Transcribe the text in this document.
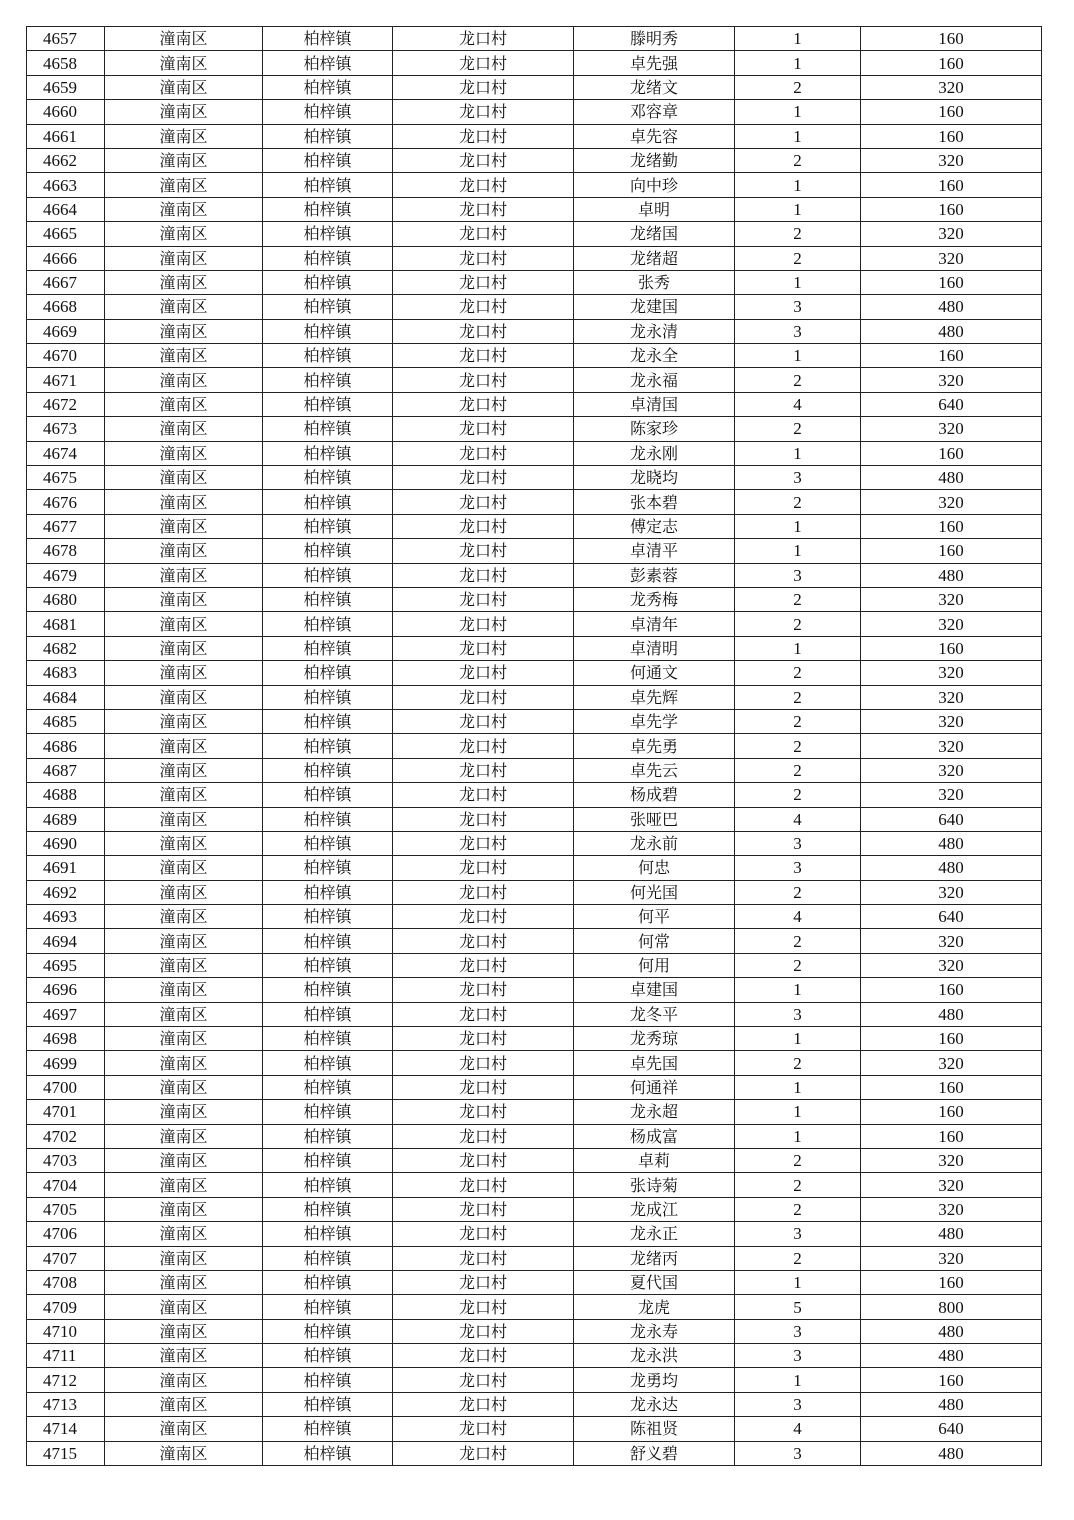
4657	潼南区	柏梓镇	龙口村	滕明秀	1	160
4658	潼南区	柏梓镇	龙口村	卓先强	1	160
4659	潼南区	柏梓镇	龙口村	龙绪文	2	320
4660	潼南区	柏梓镇	龙口村	邓容章	1	160
4661	潼南区	柏梓镇	龙口村	卓先容	1	160
4662	潼南区	柏梓镇	龙口村	龙绪勤	2	320
4663	潼南区	柏梓镇	龙口村	向中珍	1	160
4664	潼南区	柏梓镇	龙口村	卓明	1	160
4665	潼南区	柏梓镇	龙口村	龙绪国	2	320
4666	潼南区	柏梓镇	龙口村	龙绪超	2	320
4667	潼南区	柏梓镇	龙口村	张秀	1	160
4668	潼南区	柏梓镇	龙口村	龙建国	3	480
4669	潼南区	柏梓镇	龙口村	龙永清	3	480
4670	潼南区	柏梓镇	龙口村	龙永全	1	160
4671	潼南区	柏梓镇	龙口村	龙永福	2	320
4672	潼南区	柏梓镇	龙口村	卓清国	4	640
4673	潼南区	柏梓镇	龙口村	陈家珍	2	320
4674	潼南区	柏梓镇	龙口村	龙永刚	1	160
4675	潼南区	柏梓镇	龙口村	龙晓均	3	480
4676	潼南区	柏梓镇	龙口村	张本碧	2	320
4677	潼南区	柏梓镇	龙口村	傅定志	1	160
4678	潼南区	柏梓镇	龙口村	卓清平	1	160
4679	潼南区	柏梓镇	龙口村	彭素蓉	3	480
4680	潼南区	柏梓镇	龙口村	龙秀梅	2	320
4681	潼南区	柏梓镇	龙口村	卓清年	2	320
4682	潼南区	柏梓镇	龙口村	卓清明	1	160
4683	潼南区	柏梓镇	龙口村	何通文	2	320
4684	潼南区	柏梓镇	龙口村	卓先辉	2	320
4685	潼南区	柏梓镇	龙口村	卓先学	2	320
4686	潼南区	柏梓镇	龙口村	卓先勇	2	320
4687	潼南区	柏梓镇	龙口村	卓先云	2	320
4688	潼南区	柏梓镇	龙口村	杨成碧	2	320
4689	潼南区	柏梓镇	龙口村	张哑巴	4	640
4690	潼南区	柏梓镇	龙口村	龙永前	3	480
4691	潼南区	柏梓镇	龙口村	何忠	3	480
4692	潼南区	柏梓镇	龙口村	何光国	2	320
4693	潼南区	柏梓镇	龙口村	何平	4	640
4694	潼南区	柏梓镇	龙口村	何常	2	320
4695	潼南区	柏梓镇	龙口村	何用	2	320
4696	潼南区	柏梓镇	龙口村	卓建国	1	160
4697	潼南区	柏梓镇	龙口村	龙冬平	3	480
4698	潼南区	柏梓镇	龙口村	龙秀琼	1	160
4699	潼南区	柏梓镇	龙口村	卓先国	2	320
4700	潼南区	柏梓镇	龙口村	何通祥	1	160
4701	潼南区	柏梓镇	龙口村	龙永超	1	160
4702	潼南区	柏梓镇	龙口村	杨成富	1	160
4703	潼南区	柏梓镇	龙口村	卓莉	2	320
4704	潼南区	柏梓镇	龙口村	张诗菊	2	320
4705	潼南区	柏梓镇	龙口村	龙成江	2	320
4706	潼南区	柏梓镇	龙口村	龙永正	3	480
4707	潼南区	柏梓镇	龙口村	龙绪丙	2	320
4708	潼南区	柏梓镇	龙口村	夏代国	1	160
4709	潼南区	柏梓镇	龙口村	龙虎	5	800
4710	潼南区	柏梓镇	龙口村	龙永寿	3	480
4711	潼南区	柏梓镇	龙口村	龙永洪	3	480
4712	潼南区	柏梓镇	龙口村	龙勇均	1	160
4713	潼南区	柏梓镇	龙口村	龙永达	3	480
4714	潼南区	柏梓镇	龙口村	陈祖贤	4	640
4715	潼南区	柏梓镇	龙口村	舒义碧	3	480
